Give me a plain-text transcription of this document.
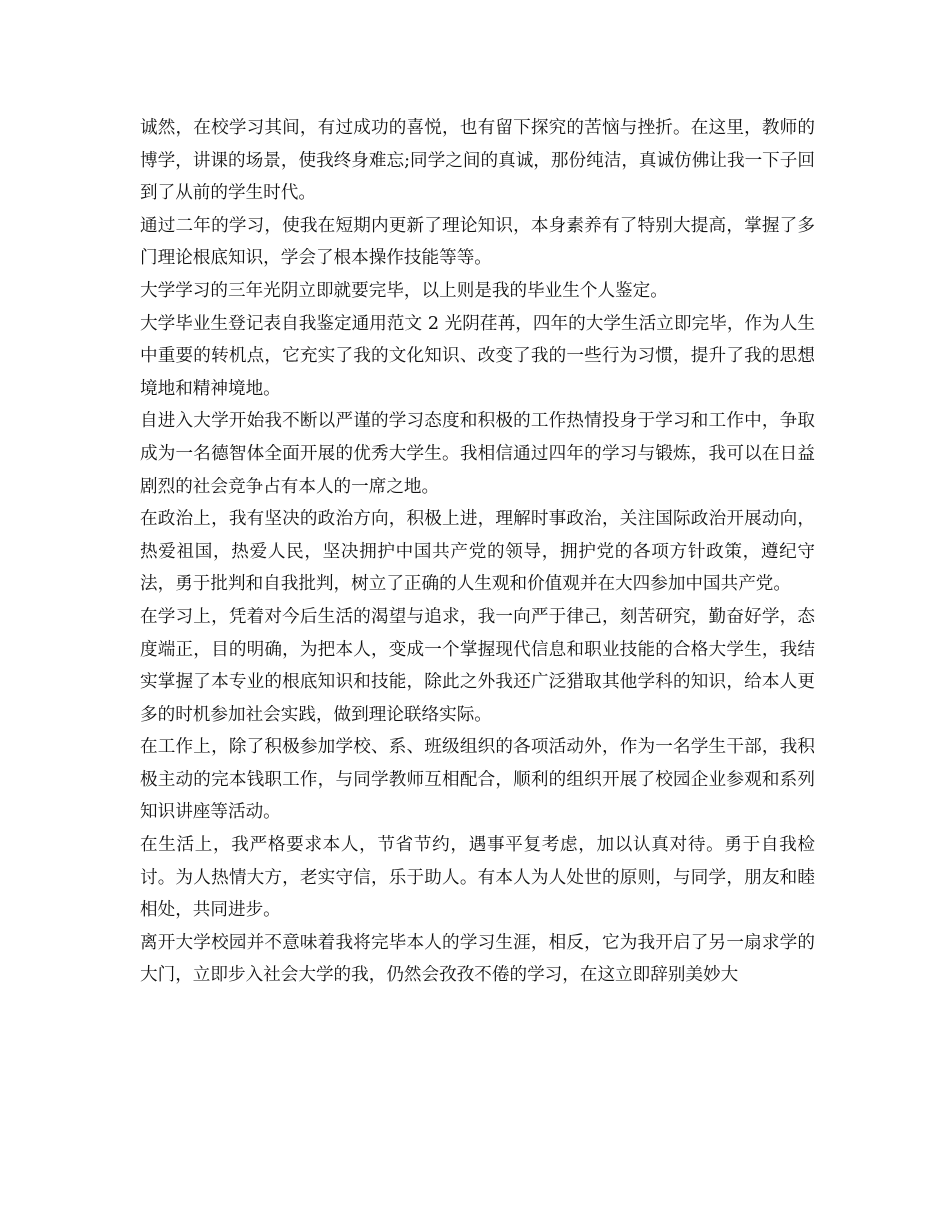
诚然，在校学习其间，有过成功的喜悦，也有留下探究的苦恼与挫折。在这里，教师的博学，讲课的场景，使我终身难忘;同学之间的真诚，那份纯洁，真诚仿佛让我一下子回到了从前的学生时代。

通过二年的学习，使我在短期内更新了理论知识，本身素养有了特别大提高，掌握了多门理论根底知识，学会了根本操作技能等等。

大学学习的三年光阴立即就要完毕，以上则是我的毕业生个人鉴定。

大学毕业生登记表自我鉴定通用范文 2 光阴荏苒，四年的大学生活立即完毕，作为人生中重要的转机点，它充实了我的文化知识、改变了我的一些行为习惯，提升了我的思想境地和精神境地。

自进入大学开始我不断以严谨的学习态度和积极的工作热情投身于学习和工作中，争取成为一名德智体全面开展的优秀大学生。我相信通过四年的学习与锻炼，我可以在日益剧烈的社会竞争占有本人的一席之地。

在政治上，我有坚决的政治方向，积极上进，理解时事政治，关注国际政治开展动向，热爱祖国，热爱人民，坚决拥护中国共产党的领导，拥护党的各项方针政策，遵纪守法，勇于批判和自我批判，树立了正确的人生观和价值观并在大四参加中国共产党。

在学习上，凭着对今后生活的渴望与追求，我一向严于律己，刻苦研究，勤奋好学，态度端正，目的明确，为把本人，变成一个掌握现代信息和职业技能的合格大学生，我结实掌握了本专业的根底知识和技能，除此之外我还广泛猎取其他学科的知识，给本人更多的时机参加社会实践，做到理论联络实际。

在工作上，除了积极参加学校、系、班级组织的各项活动外，作为一名学生干部，我积极主动的完本钱职工作，与同学教师互相配合，顺利的组织开展了校园企业参观和系列知识讲座等活动。

在生活上，我严格要求本人，节省节约，遇事平复考虑，加以认真对待。勇于自我检讨。为人热情大方，老实守信，乐于助人。有本人为人处世的原则，与同学，朋友和睦相处，共同进步。

离开大学校园并不意味着我将完毕本人的学习生涯，相反，它为我开启了另一扇求学的大门，立即步入社会大学的我，仍然会孜孜不倦的学习，在这立即辞别美妙大
